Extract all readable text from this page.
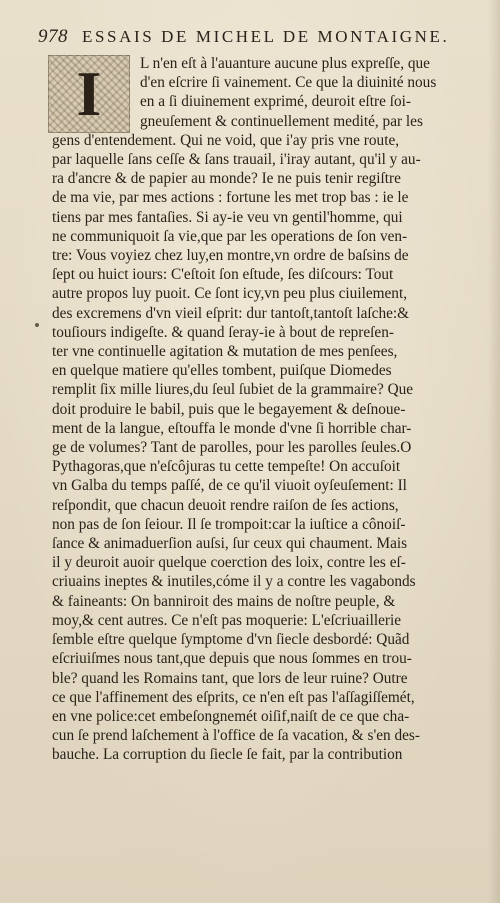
978 ESSAIS DE MICHEL DE MONTAIGNE.
I	L n'en eſt à l'auanture aucune plus expreſſe, que
d'en eſcrire ſi vainement. Ce que la diuinité nous
en a ſi diuinement exprimé, deuroit eſtre ſoi-
gneuſement & continuellement medité, par les
gens d'entendement. Qui ne void, que i'ay pris vne route,
par laquelle ſans ceſſe & ſans trauail, i'iray autant, qu'il y au-
ra d'ancre & de papier au monde? Ie ne puis tenir regiſtre
de ma vie, par mes actions : fortune les met trop bas : ie le
tiens par mes fantaſies. Si ay-ie veu vn gentil'homme, qui
ne communiquoit ſa vie,que par les operations de ſon ven-
tre: Vous voyiez chez luy,en montre,vn ordre de baſsins de
ſept ou huict iours: C'eſtoit ſon eſtude, ſes diſcours: Tout
autre propos luy puoit. Ce ſont icy,vn peu plus ciuilement,
des excremens d'vn vieil eſprit: dur tantoſt,tantoſt laſche:&
touſiours indigeſte. & quand ſeray-ie à bout de repreſen-
ter vne continuelle agitation & mutation de mes penſees,
en quelque matiere qu'elles tombent, puiſque Diomedes
remplit ſix mille liures,du ſeul ſubiet de la grammaire? Que
doit produire le babil, puis que le begayement & deſnoue-
ment de la langue, eſtouffa le monde d'vne ſi horrible char-
ge de volumes? Tant de parolles, pour les parolles ſeules.O
Pythagoras,que n'eſcôjuras tu cette tempeſte! On accuſoit
vn Galba du temps paſſé, de ce qu'il viuoit oyſeuſement: Il
reſpondit, que chacun deuoit rendre raiſon de ſes actions,
non pas de ſon ſeiour. Il ſe trompoit:car la iuſtice a cônoiſ-
ſance & animaduerſion auſsi, ſur ceux qui chaument. Mais
il y deuroit auoir quelque coerction des loix, contre les eſ-
criuains ineptes & inutiles,cóme il y a contre les vagabonds
& faineants: On banniroit des mains de noſtre peuple, &
moy,& cent autres. Ce n'eſt pas moquerie: L'eſcriuaillerie
ſemble eſtre quelque ſymptome d'vn ſiecle desbordé: Quãd
eſcriuiſmes nous tant,que depuis que nous ſommes en trou-
ble? quand les Romains tant, que lors de leur ruine? Outre
ce que l'affinement des eſprits, ce n'en eſt pas l'aſſagiſſemét,
en vne police:cet embeſongnemét oiſif,naiſt de ce que cha-
cun ſe prend laſchement à l'office de ſa vacation, & s'en des-
bauche. La corruption du ſiecle ſe fait, par la contribution
